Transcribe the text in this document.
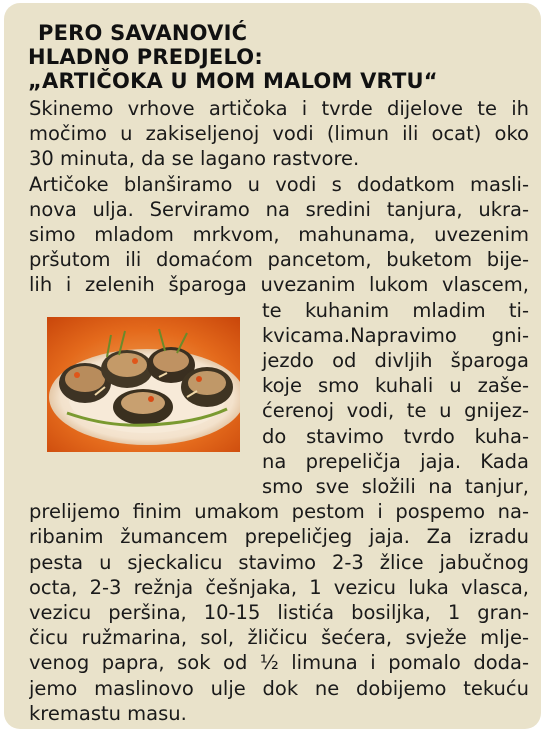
PERO SAVANOVIĆ
HLADNO PREDJELO:
„ARTIČOKA U MOM MALOM VRTU“
Skinemo vrhove artičoka i tvrde dijelove te ih
močimo u zakiseljenoj vodi (limun ili ocat) oko
30 minuta, da se lagano rastvore.
Artičoke blanširamo u vodi s dodatkom masli-
nova ulja. Serviramo na sredini tanjura, ukra-
simo mladom mrkvom, mahunama, uvezenim
pršutom ili domaćom pancetom, buketom bije-
lih i zelenih šparoga uvezanim lukom vlascem,
te kuhanim mladim ti-
kvicama.Napravimo gni-
jezdo od divljih šparoga
koje smo kuhali u zaše-
ćerenoj vodi, te u gnijez-
do stavimo tvrdo kuha-
na prepeličja jaja. Kada
smo sve složili na tanjur,
prelijemo finim umakom pestom i pospemo na-
ribanim žumancem prepeličjeg jaja. Za izradu
pesta u sjeckalicu stavimo 2-3 žlice jabučnog
octa, 2-3 režnja češnjaka, 1 vezicu luka vlasca,
vezicu peršina, 10-15 listića bosiljka, 1 gran-
čicu ružmarina, sol, žličicu šećera, svježe mlje-
venog papra, sok od ½ limuna i pomalo doda-
jemo maslinovo ulje dok ne dobijemo tekuću
kremastu masu.
